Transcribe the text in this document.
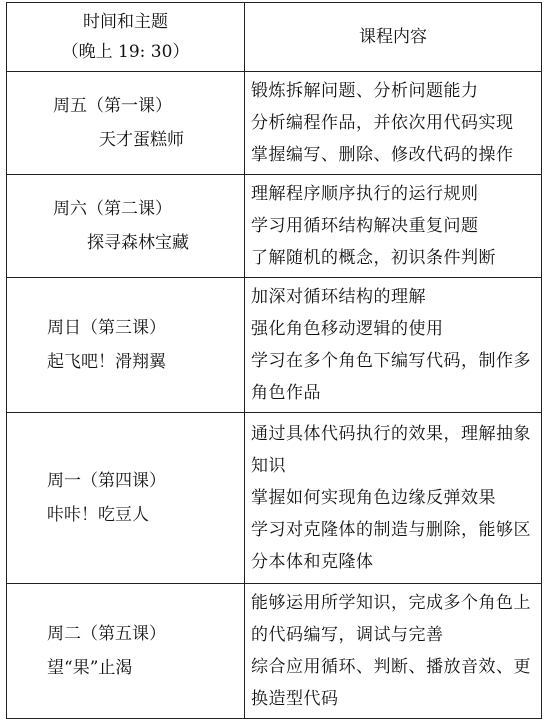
时间和主题
（晚上 19: 30）	课程内容

周五（第一课）
天才蛋糕师	锻炼拆解问题、分析问题能力
分析编程作品，并依次用代码实现
掌握编写、删除、修改代码的操作

周六（第二课）
探寻森林宝藏	理解程序顺序执行的运行规则
学习用循环结构解决重复问题
了解随机的概念，初识条件判断

周日（第三课）
起飞吧！滑翔翼	加深对循环结构的理解
强化角色移动逻辑的使用
学习在多个角色下编写代码，制作多角色作品

周一（第四课）
咔咔！吃豆人	通过具体代码执行的效果，理解抽象知识
掌握如何实现角色边缘反弹效果
学习对克隆体的制造与删除，能够区分本体和克隆体

周二（第五课）
望“果”止渴	能够运用所学知识，完成多个角色上的代码编写，调试与完善
综合应用循环、判断、播放音效、更换造型代码
